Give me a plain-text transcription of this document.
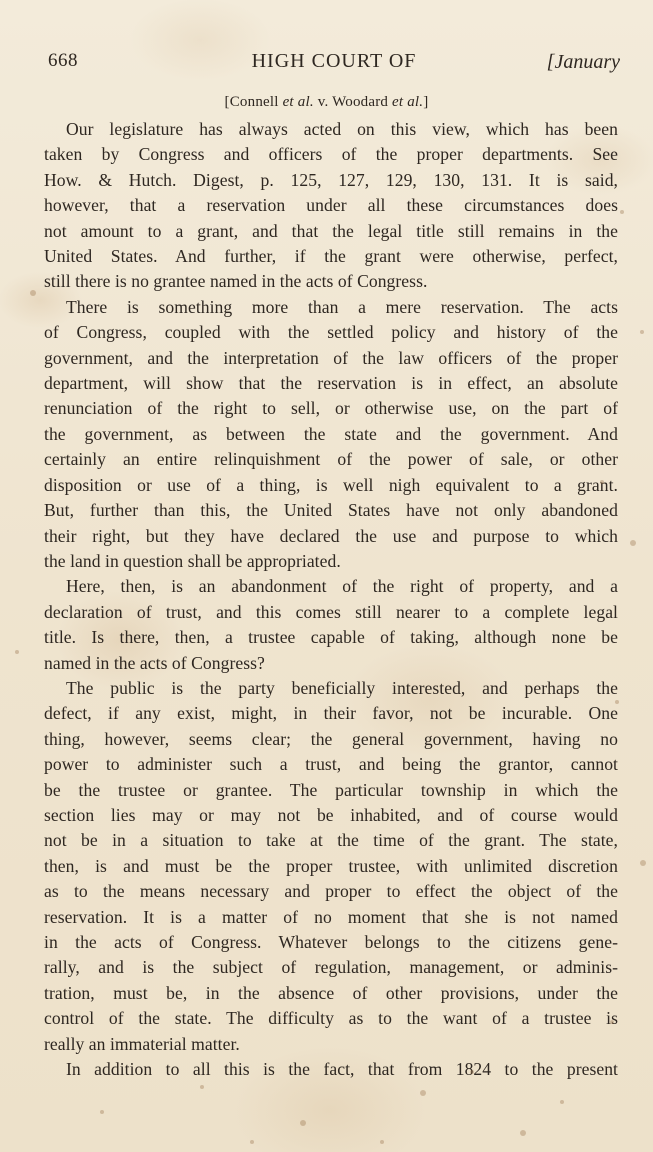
668	HIGH COURT OF	[January
[Connell et al. v. Woodard et al.]

Our legislature has always acted on this view, which has been
taken by Congress and officers of the proper departments. See
How. & Hutch. Digest, p. 125, 127, 129, 130, 131. It is said,
however, that a reservation under all these circumstances does
not amount to a grant, and that the legal title still remains in the
United States. And further, if the grant were otherwise, perfect,
still there is no grantee named in the acts of Congress.

There is something more than a mere reservation. The acts
of Congress, coupled with the settled policy and history of the
government, and the interpretation of the law officers of the proper
department, will show that the reservation is in effect, an absolute
renunciation of the right to sell, or otherwise use, on the part of
the government, as between the state and the government. And
certainly an entire relinquishment of the power of sale, or other
disposition or use of a thing, is well nigh equivalent to a grant.
But, further than this, the United States have not only abandoned
their right, but they have declared the use and purpose to which
the land in question shall be appropriated.

Here, then, is an abandonment of the right of property, and a
declaration of trust, and this comes still nearer to a complete legal
title. Is there, then, a trustee capable of taking, although none be
named in the acts of Congress?

The public is the party beneficially interested, and perhaps the
defect, if any exist, might, in their favor, not be incurable. One
thing, however, seems clear; the general government, having no
power to administer such a trust, and being the grantor, cannot
be the trustee or grantee. The particular township in which the
section lies may or may not be inhabited, and of course would
not be in a situation to take at the time of the grant. The state,
then, is and must be the proper trustee, with unlimited discretion
as to the means necessary and proper to effect the object of the
reservation. It is a matter of no moment that she is not named
in the acts of Congress. Whatever belongs to the citizens gene-
rally, and is the subject of regulation, management, or adminis-
tration, must be, in the absence of other provisions, under the
control of the state. The difficulty as to the want of a trustee is
really an immaterial matter.

In addition to all this is the fact, that from 1824 to the present
